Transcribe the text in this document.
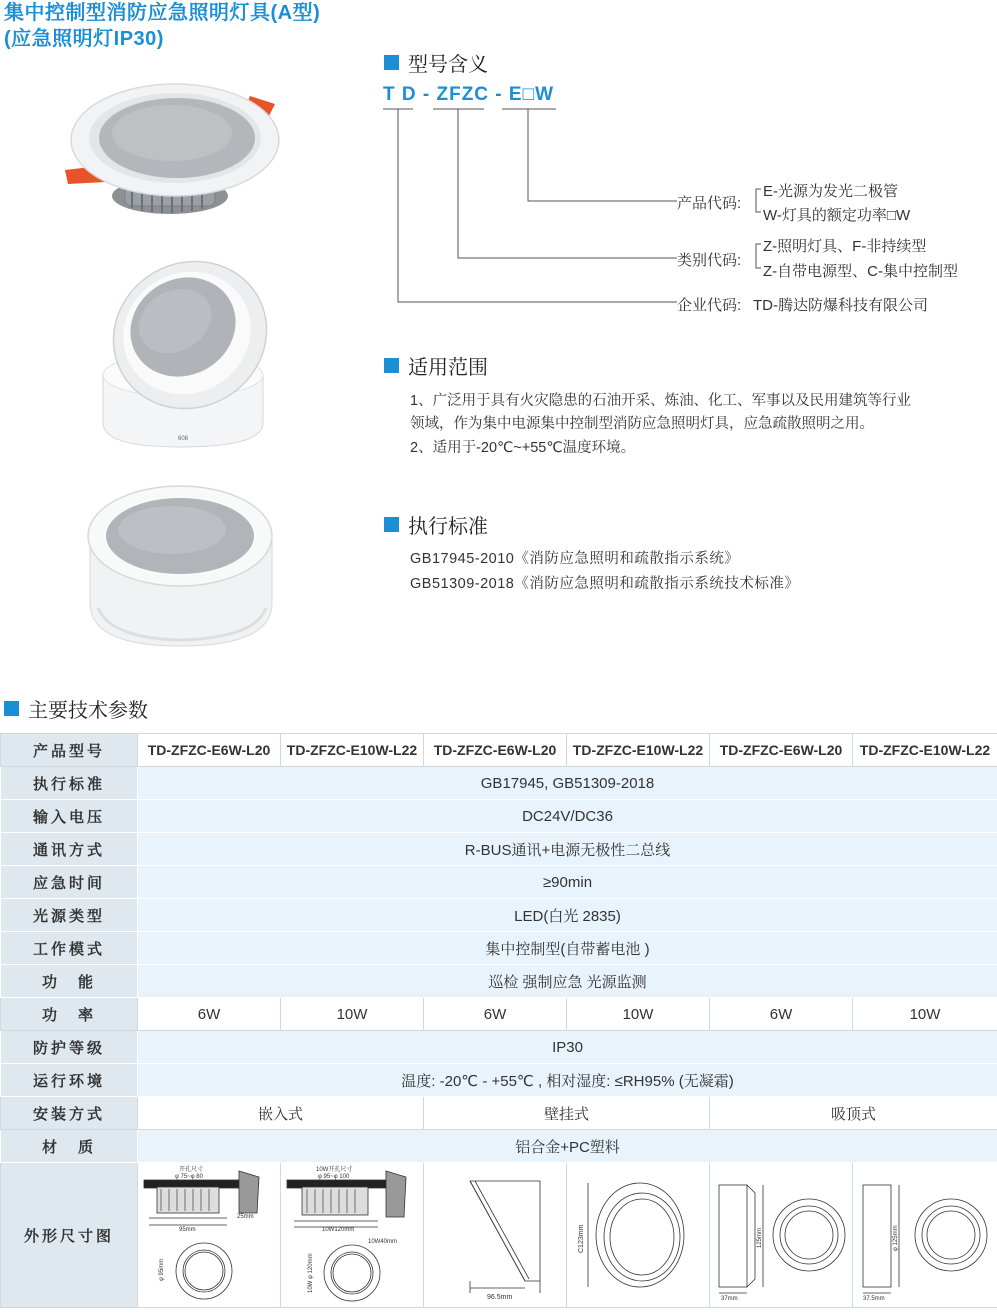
集中控制型消防应急照明灯具(A型)
(应急照明灯IP30)
608
型号含义
T D - ZFZC - E□W
产品代码:
E-光源为发光二极管
W-灯具的额定功率□W
类别代码:
Z-照明灯具、F-非持续型
Z-自带电源型、C-集中控制型
企业代码: TD-腾达防爆科技有限公司
适用范围
1、广泛用于具有火灾隐患的石油开采、炼油、化工、军事以及民用建筑等行业
领域，作为集中电源集中控制型消防应急照明灯具，应急疏散照明之用。
2、适用于-20℃~+55℃温度环境。
执行标准
GB17945-2010《消防应急照明和疏散指示系统》
GB51309-2018《消防应急照明和疏散指示系统技术标准》
主要技术参数
产品型号	TD-ZFZC-E6W-L20	TD-ZFZC-E10W-L22	TD-ZFZC-E6W-L20	TD-ZFZC-E10W-L22	TD-ZFZC-E6W-L20	TD-ZFZC-E10W-L22
执行标准	GB17945, GB51309-2018					
输入电压	DC24V/DC36					
通讯方式	R-BUS通讯+电源无极性二总线					
应急时间	≥90min					
光源类型	LED(白光 2835)					
工作模式	集中控制型(自带蓄电池 )					
功　能	巡检 强制应急 光源监测					
功　率	6W	10W	6W	10W	6W	10W
防护等级	IP30					
运行环境	温度: -20℃ - +55℃ , 相对湿度: ≤RH95% (无凝霜)					
安装方式	嵌入式		壁挂式		吸顶式	
材　质	铝合金+PC塑料					
外形尺寸图	开孔尺寸
φ 75~φ 80
95mm
25mm
φ 95mm	10W开孔尺寸
φ 95~φ 100
10W120mm
10W40mm
10W φ 120mm	96.5mm	C123mm	37mm
125mm	37.5mm
φ 125mm
